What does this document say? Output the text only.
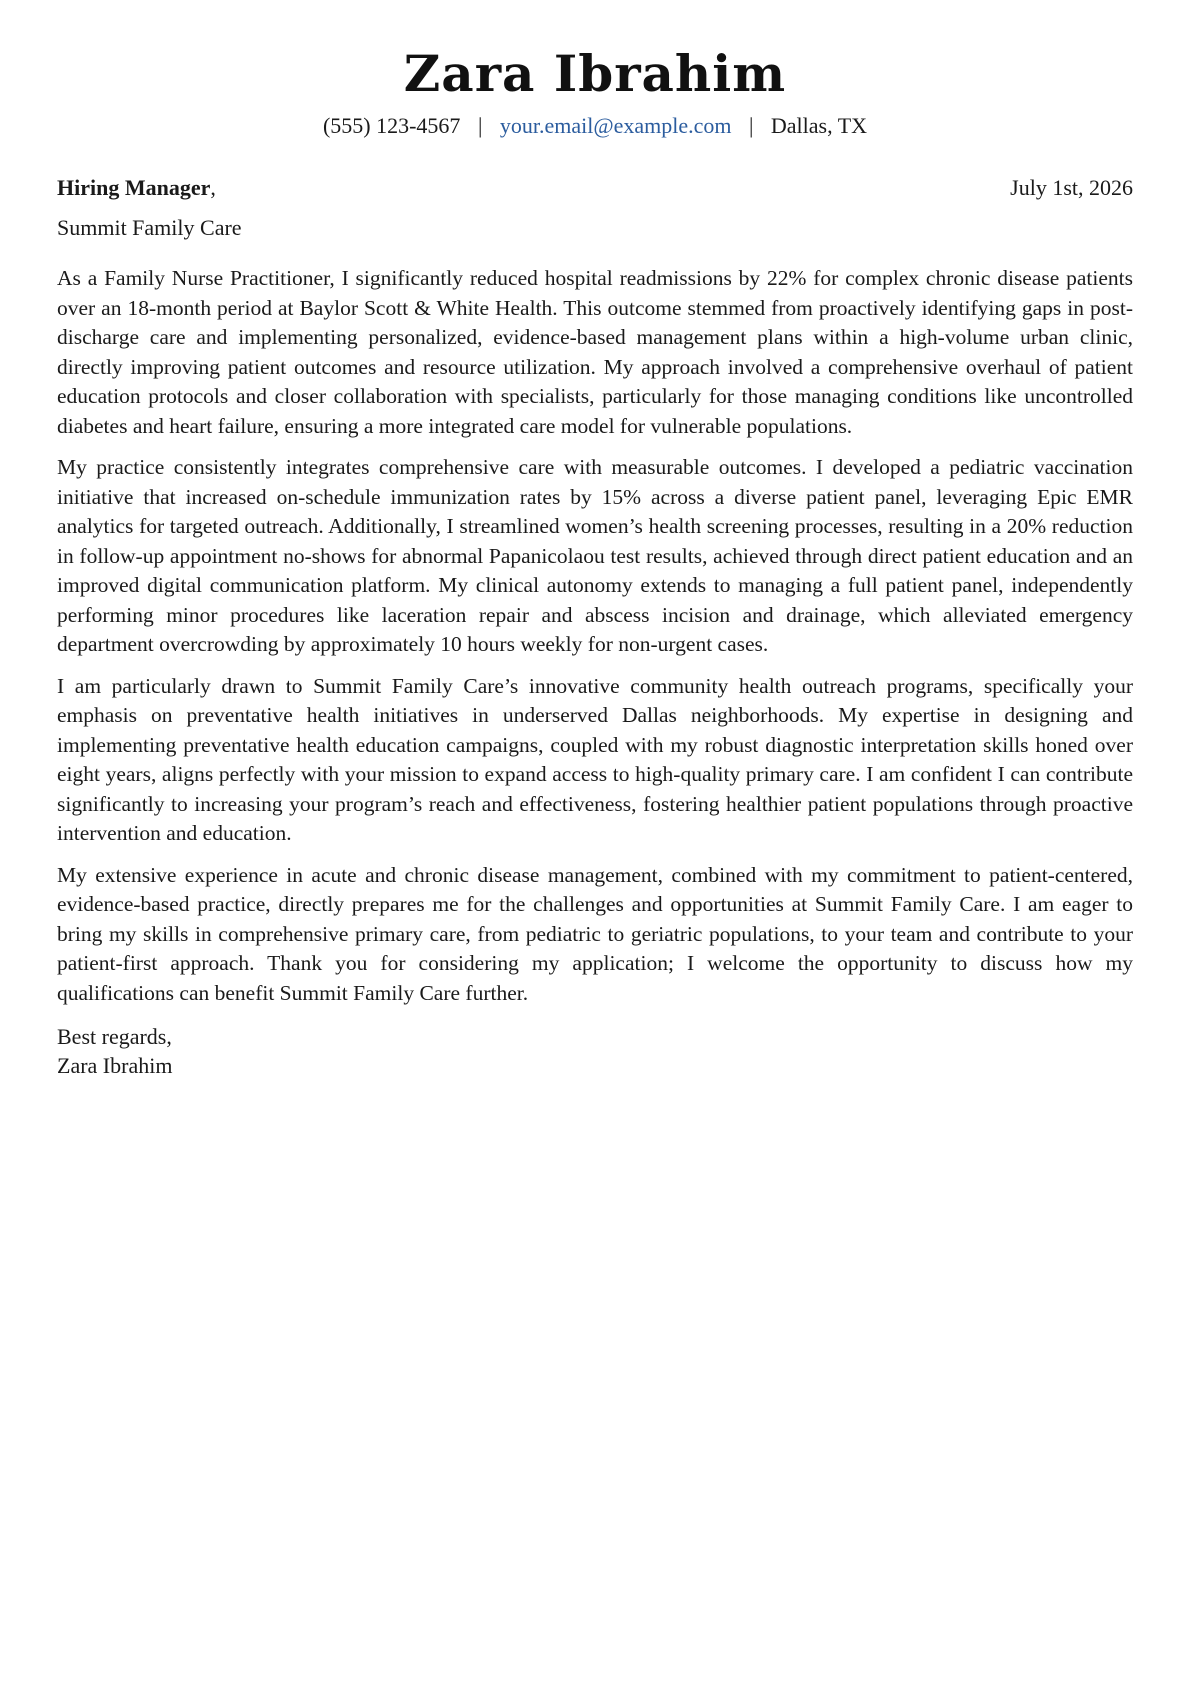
Zara Ibrahim
(555) 123-4567 | your.email@example.com | Dallas, TX
Hiring Manager,	July 1st, 2026
Summit Family Care

As a Family Nurse Practitioner, I significantly reduced hospital readmissions by 22% for complex chronic disease patients over an 18-month period at Baylor Scott & White Health. This outcome stemmed from proactively identifying gaps in post-discharge care and implementing personalized, evidence-based management plans within a high-volume urban clinic, directly improving patient outcomes and resource utilization. My approach involved a comprehensive overhaul of patient education protocols and closer collaboration with specialists, particularly for those managing conditions like uncontrolled diabetes and heart failure, ensuring a more integrated care model for vulnerable populations.

My practice consistently integrates comprehensive care with measurable outcomes. I developed a pediatric vaccination initiative that increased on-schedule immunization rates by 15% across a diverse patient panel, leveraging Epic EMR analytics for targeted outreach. Additionally, I streamlined women’s health screening processes, resulting in a 20% reduction in follow-up appointment no-shows for abnormal Papanicolaou test results, achieved through direct patient education and an improved digital communication platform. My clinical autonomy extends to managing a full patient panel, independently performing minor procedures like laceration repair and abscess incision and drainage, which alleviated emergency department overcrowding by approximately 10 hours weekly for non-urgent cases.

I am particularly drawn to Summit Family Care’s innovative community health outreach programs, specifically your emphasis on preventative health initiatives in underserved Dallas neighborhoods. My expertise in designing and implementing preventative health education campaigns, coupled with my robust diagnostic interpretation skills honed over eight years, aligns perfectly with your mission to expand access to high-quality primary care. I am confident I can contribute significantly to increasing your program’s reach and effectiveness, fostering healthier patient populations through proactive intervention and education.

My extensive experience in acute and chronic disease management, combined with my commitment to patient-centered, evidence-based practice, directly prepares me for the challenges and opportunities at Summit Family Care. I am eager to bring my skills in comprehensive primary care, from pediatric to geriatric populations, to your team and contribute to your patient-first approach. Thank you for considering my application; I welcome the opportunity to discuss how my qualifications can benefit Summit Family Care further.

Best regards,
Zara Ibrahim
